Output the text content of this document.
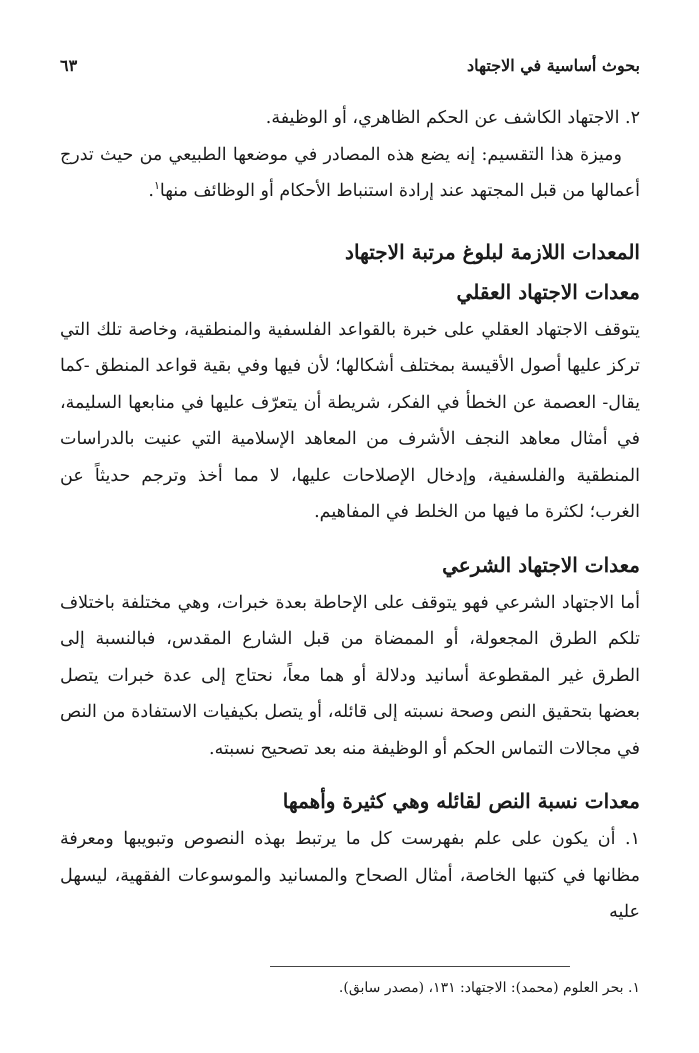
بحوث أساسية في الاجتهاد
٦٣

٢. الاجتهاد الكاشف عن الحكم الظاهري، أو الوظيفة.

وميزة هذا التقسيم: إنه يضع هذه المصادر في موضعها الطبيعي من حيث تدرج أعمالها من قبل المجتهد عند إرادة استنباط الأحكام أو الوظائف منها$^١$.

المعدات اللازمة لبلوغ مرتبة الاجتهاد
معدات الاجتهاد العقلي

يتوقف الاجتهاد العقلي على خبرة بالقواعد الفلسفية والمنطقية، وخاصة تلك التي تركز عليها أصول الأقيسة بمختلف أشكالها؛ لأن فيها وفي بقية قواعد المنطق -كما يقال- العصمة عن الخطأ في الفكر، شريطة أن يتعرّف عليها في منابعها السليمة، في أمثال معاهد النجف الأشرف من المعاهد الإسلامية التي عنيت بالدراسات المنطقية والفلسفية، وإدخال الإصلاحات عليها، لا مما أخذ وترجم حديثاً عن الغرب؛ لكثرة ما فيها من الخلط في المفاهيم.

معدات الاجتهاد الشرعي

أما الاجتهاد الشرعي فهو يتوقف على الإحاطة بعدة خبرات، وهي مختلفة باختلاف تلكم الطرق المجعولة، أو الممضاة من قبل الشارع المقدس، فبالنسبة إلى الطرق غير المقطوعة أسانيد ودلالة أو هما معاً، نحتاج إلى عدة خبرات يتصل بعضها بتحقيق النص وصحة نسبته إلى قائله، أو يتصل بكيفيات الاستفادة من النص في مجالات التماس الحكم أو الوظيفة منه بعد تصحيح نسبته.

معدات نسبة النص لقائله وهي كثيرة وأهمها

١. أن يكون على علم بفهرست كل ما يرتبط بهذه النصوص وتبويبها ومعرفة مظانها في كتبها الخاصة، أمثال الصحاح والمسانيد والموسوعات الفقهية، ليسهل عليه

١. بحر العلوم (محمد): الاجتهاد: ١٣١، (مصدر سابق).
